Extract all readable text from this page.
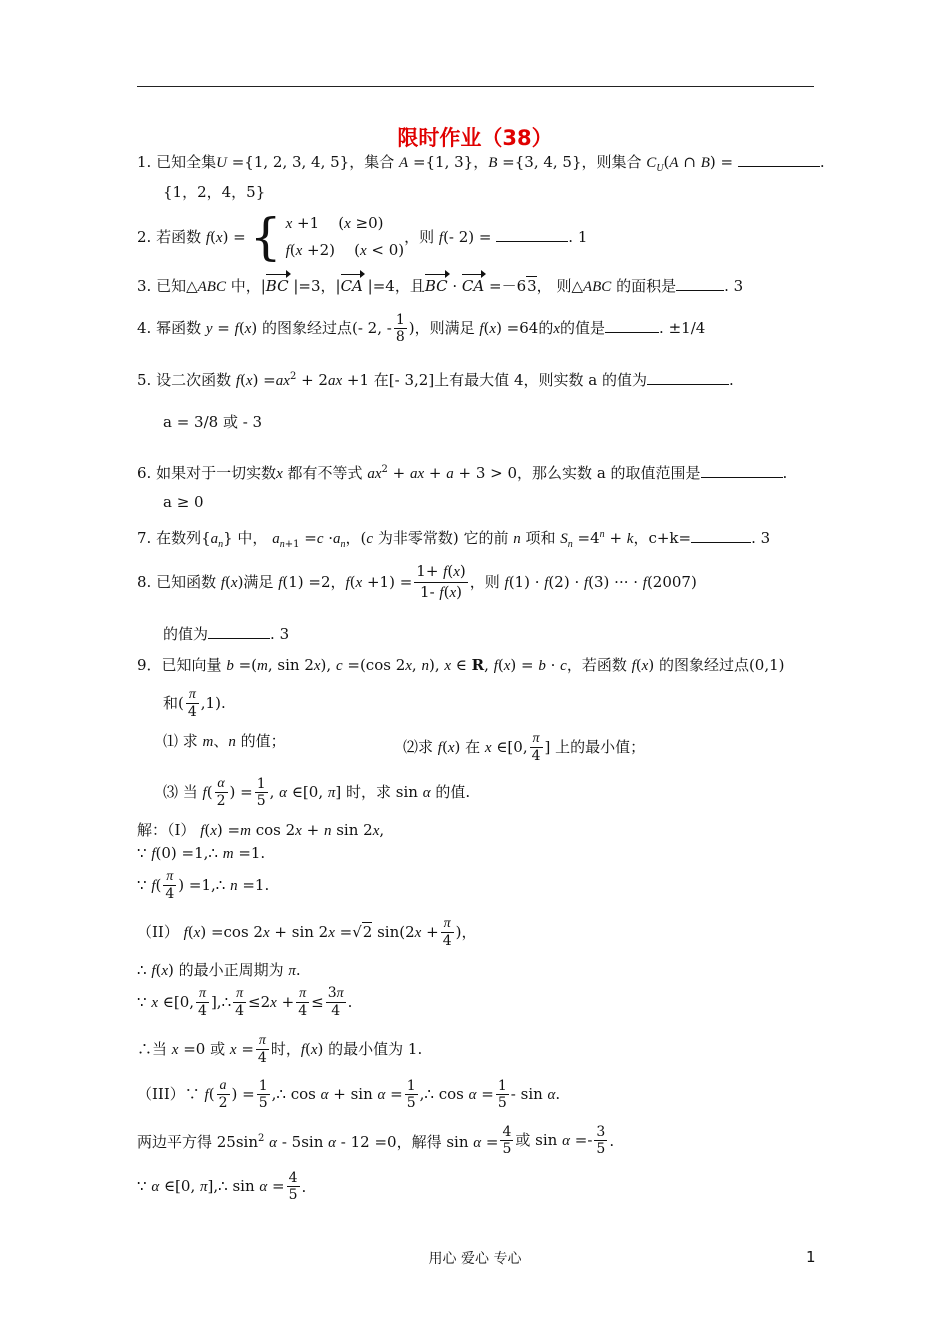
限时作业（38）
1. 已知全集U ={1, 2, 3, 4, 5}，集合 A ={1, 3}，B ={3, 4, 5}，则集合 $C_U(A$ ∩ B) =	.
{1，2，4，5}
2. 若函数 f(x) ={ x +1    (x ≥0)
f(x +2)    (x < 0)，则 f(- 2) =	. 1
3. 已知△ABC 中，|BC |=3，|CA |=4，且BC · CA =－63， 则△ABC 的面积是	. 3
4. 幂函数 y = f(x) 的图象经过点(- 2, - $\frac{1}{8}$ )，则满足 f(x) =64的x的值是	. ±1/4
5. 设二次函数 $f(x) =ax^2 + 2ax +1$ 在[- 3,2]上有最大值 4，则实数 a 的值为	.
a = 3/8 或 - 3
6. 如果对于一切实数x 都有不等式 $ax^2$ + ax + a + 3 > 0，那么实数 a 的取值范围是	.
a ≥ 0
7. 在数列$\{a_n\}$ 中， $a_{n+1} =c \cdot a_n$，(c 为非零常数) 它的前 n 项和 $S_n =4^n + k$，c+k=	. 3
8. 已知函数 f(x)满足 f(1) =2，$f(x +1) = \frac{1+ f(x)}{1- f(x)}$ ，则 f(1) · f(2) · f(3) ··· · f(2007)
的值为	. 3
9．已知向量 b =(m, sin 2x), c =(cos 2x, n), x ∈ R, f(x) = b · c，若函数 f(x) 的图象经过点(0,1)
和( $\frac{\pi}{4} ,1$).
⑴ 求 m、n 的值；	⑵求 f(x) 在 x ∈[0, $\frac{\pi}{4}$ ] 上的最小值；
⑶ 当 $f( \frac{\alpha}{2}$ ) = $\frac{1}{5}$ , α ∈[0, π] 时，求 sin α 的值.
解：（I） f(x) =m cos 2x + n sin 2x,
∵ f(0) =1,∴ m =1.
∵ $f( \frac{\pi}{4}$ ) =1,∴ n =1.
（II） f(x) =cos 2x + sin 2x =√2 $\sin(2x + \frac{\pi}{4}$ )，
∴ f(x) 的最小正周期为 π.
∵ x ∈[0, $\frac{\pi}{4}$ ],∴ $\frac{\pi}{4} \le 2x + \frac{\pi}{4} \le \frac{3\pi}{4}$ .
∴当 x =0 或 $x = \frac{\pi}{4}$ 时，f(x) 的最小值为 1.
（III）∵ $f( \frac{a}{2}$ ) = $\frac{1}{5}$ ,∴ $\cos \alpha + \sin \alpha = \frac{1}{5}$ ,∴ $\cos \alpha = \frac{1}{5} - \sin \alpha$.
两边平方得 $25\sin^2$ α - 5sin α - 12 =0，解得 $\sin \alpha = \frac{4}{5}$ 或 $\sin \alpha =- \frac{3}{5}$ .
∵ α ∈[0, π],∴ $\sin \alpha = \frac{4}{5}$ .
用心 爱心 专心	1
